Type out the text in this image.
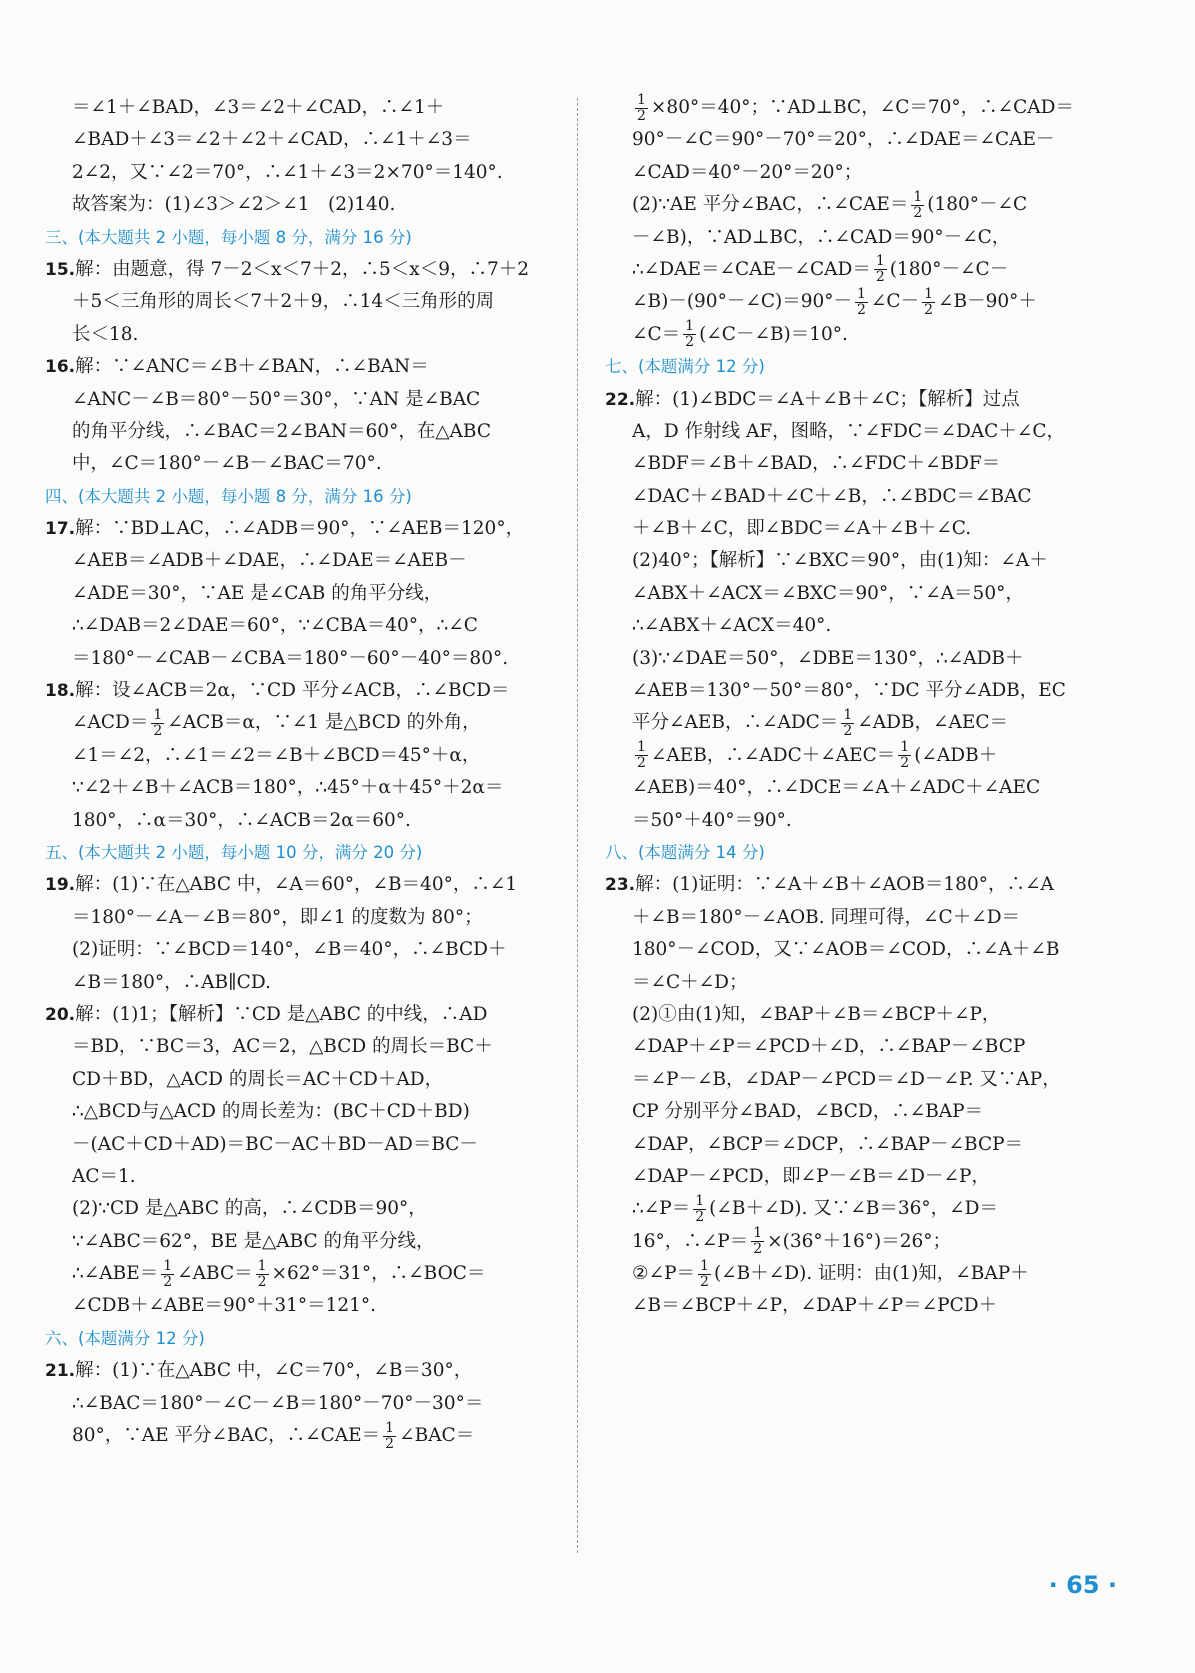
＝∠1＋∠BAD，∠3＝∠2＋∠CAD，∴∠1＋
∠BAD＋∠3＝∠2＋∠2＋∠CAD，∴∠1＋∠3＝
2∠2，又∵∠2＝70°，∴∠1＋∠3＝2×70°＝140°.
故答案为：(1)∠3＞∠2＞∠1　(2)140.
三、(本大题共 2 小题，每小题 8 分，满分 16 分)
15.解：由题意，得 7－2＜x＜7＋2，∴5＜x＜9，∴7＋2
＋5＜三角形的周长＜7＋2＋9，∴14＜三角形的周
长＜18.
16.解：∵∠ANC＝∠B＋∠BAN，∴∠BAN＝
∠ANC－∠B＝80°－50°＝30°，∵AN 是∠BAC
的角平分线，∴∠BAC＝2∠BAN＝60°，在△ABC
中，∠C＝180°－∠B－∠BAC＝70°.
四、(本大题共 2 小题，每小题 8 分，满分 16 分)
17.解：∵BD⊥AC，∴∠ADB＝90°，∵∠AEB＝120°，
∠AEB＝∠ADB＋∠DAE，∴∠DAE＝∠AEB－
∠ADE＝30°，∵AE 是∠CAB 的角平分线，
∴∠DAB＝2∠DAE＝60°，∵∠CBA＝40°，∴∠C
＝180°－∠CAB－∠CBA＝180°－60°－40°＝80°.
18.解：设∠ACB＝2α，∵CD 平分∠ACB，∴∠BCD＝
∠ACD＝ $\frac{1}{2}$ ∠ACB＝α，∵∠1 是△BCD 的外角，
∠1＝∠2，∴∠1＝∠2＝∠B＋∠BCD＝45°＋α，
∵∠2＋∠B＋∠ACB＝180°，∴45°＋α＋45°＋2α＝
180°，∴α＝30°，∴∠ACB＝2α＝60°.
五、(本大题共 2 小题，每小题 10 分，满分 20 分)
19.解：(1)∵在△ABC 中，∠A＝60°，∠B＝40°，∴∠1
＝180°－∠A－∠B＝80°，即∠1 的度数为 80°；
(2)证明：∵∠BCD＝140°，∠B＝40°，∴∠BCD＋
∠B＝180°，∴AB∥CD.
20.解：(1)1；【解析】∵CD 是△ABC 的中线，∴AD
＝BD，∵BC＝3，AC＝2，△BCD 的周长＝BC＋
CD＋BD，△ACD 的周长＝AC＋CD＋AD，
∴△BCD与△ACD 的周长差为：(BC＋CD＋BD)
－(AC＋CD＋AD)＝BC－AC＋BD－AD＝BC－
AC＝1.
(2)∵CD 是△ABC 的高，∴∠CDB＝90°，
∵∠ABC＝62°，BE 是△ABC 的角平分线，
∴∠ABE＝ $\frac{1}{2}$ ∠ABC＝ $\frac{1}{2} \times 62^\circ=31^\circ$，∴∠BOC＝
∠CDB＋∠ABE＝90°＋31°＝121°.
六、(本题满分 12 分)
21.解：(1)∵在△ABC 中，∠C＝70°，∠B＝30°，
∴∠BAC＝180°－∠C－∠B＝180°－70°－30°＝
80°，∵AE 平分∠BAC，∴∠CAE＝ $\frac{1}{2}$ ∠BAC＝
$\frac{1}{2} \times 80^\circ=40^\circ$；∵AD⊥BC，∠C＝70°，∴∠CAD＝
90°－∠C＝90°－70°＝20°，∴∠DAE＝∠CAE－
∠CAD＝40°－20°＝20°；
(2)∵AE 平分∠BAC，∴∠CAE＝ $\frac{1}{2}$ (180°－∠C
－∠B)，∵AD⊥BC，∴∠CAD＝90°－∠C，
∴∠DAE＝∠CAE－∠CAD＝ $\frac{1}{2}$ (180°－∠C－
∠B)－(90°－∠C)＝90°－ $\frac{1}{2}$ ∠C－ $\frac{1}{2}$ ∠B－90°＋
∠C＝ $\frac{1}{2}$ (∠C－∠B)＝10°.
七、(本题满分 12 分)
22.解：(1)∠BDC＝∠A＋∠B＋∠C；【解析】过点
A，D 作射线 AF，图略，∵∠FDC＝∠DAC＋∠C，
∠BDF＝∠B＋∠BAD，∴∠FDC＋∠BDF＝
∠DAC＋∠BAD＋∠C＋∠B，∴∠BDC＝∠BAC
＋∠B＋∠C，即∠BDC＝∠A＋∠B＋∠C.
(2)40°；【解析】∵∠BXC＝90°，由(1)知：∠A＋
∠ABX＋∠ACX＝∠BXC＝90°，∵∠A＝50°，
∴∠ABX＋∠ACX＝40°.
(3)∵∠DAE＝50°，∠DBE＝130°，∴∠ADB＋
∠AEB＝130°－50°＝80°，∵DC 平分∠ADB，EC
平分∠AEB，∴∠ADC＝ $\frac{1}{2}$ ∠ADB，∠AEC＝
$\frac{1}{2}$ ∠AEB，∴∠ADC＋∠AEC＝ $\frac{1}{2}$ (∠ADB＋
∠AEB)＝40°，∴∠DCE＝∠A＋∠ADC＋∠AEC
＝50°＋40°＝90°.
八、(本题满分 14 分)
23.解：(1)证明：∵∠A＋∠B＋∠AOB＝180°，∴∠A
＋∠B＝180°－∠AOB. 同理可得，∠C＋∠D＝
180°－∠COD，又∵∠AOB＝∠COD，∴∠A＋∠B
＝∠C＋∠D；
(2)①由(1)知，∠BAP＋∠B＝∠BCP＋∠P，
∠DAP＋∠P＝∠PCD＋∠D，∴∠BAP－∠BCP
＝∠P－∠B，∠DAP－∠PCD＝∠D－∠P. 又∵AP，
CP 分别平分∠BAD，∠BCD，∴∠BAP＝
∠DAP，∠BCP＝∠DCP，∴∠BAP－∠BCP＝
∠DAP－∠PCD，即∠P－∠B＝∠D－∠P，
∴∠P＝ $\frac{1}{2}$ (∠B＋∠D). 又∵∠B＝36°，∠D＝
16°，∴∠P＝ $\frac{1}{2} \times(36^\circ+16^\circ)=26^\circ$；
②∠P＝ $\frac{1}{2}$ (∠B＋∠D). 证明：由(1)知，∠BAP＋
∠B＝∠BCP＋∠P，∠DAP＋∠P＝∠PCD＋
· 65 ·
